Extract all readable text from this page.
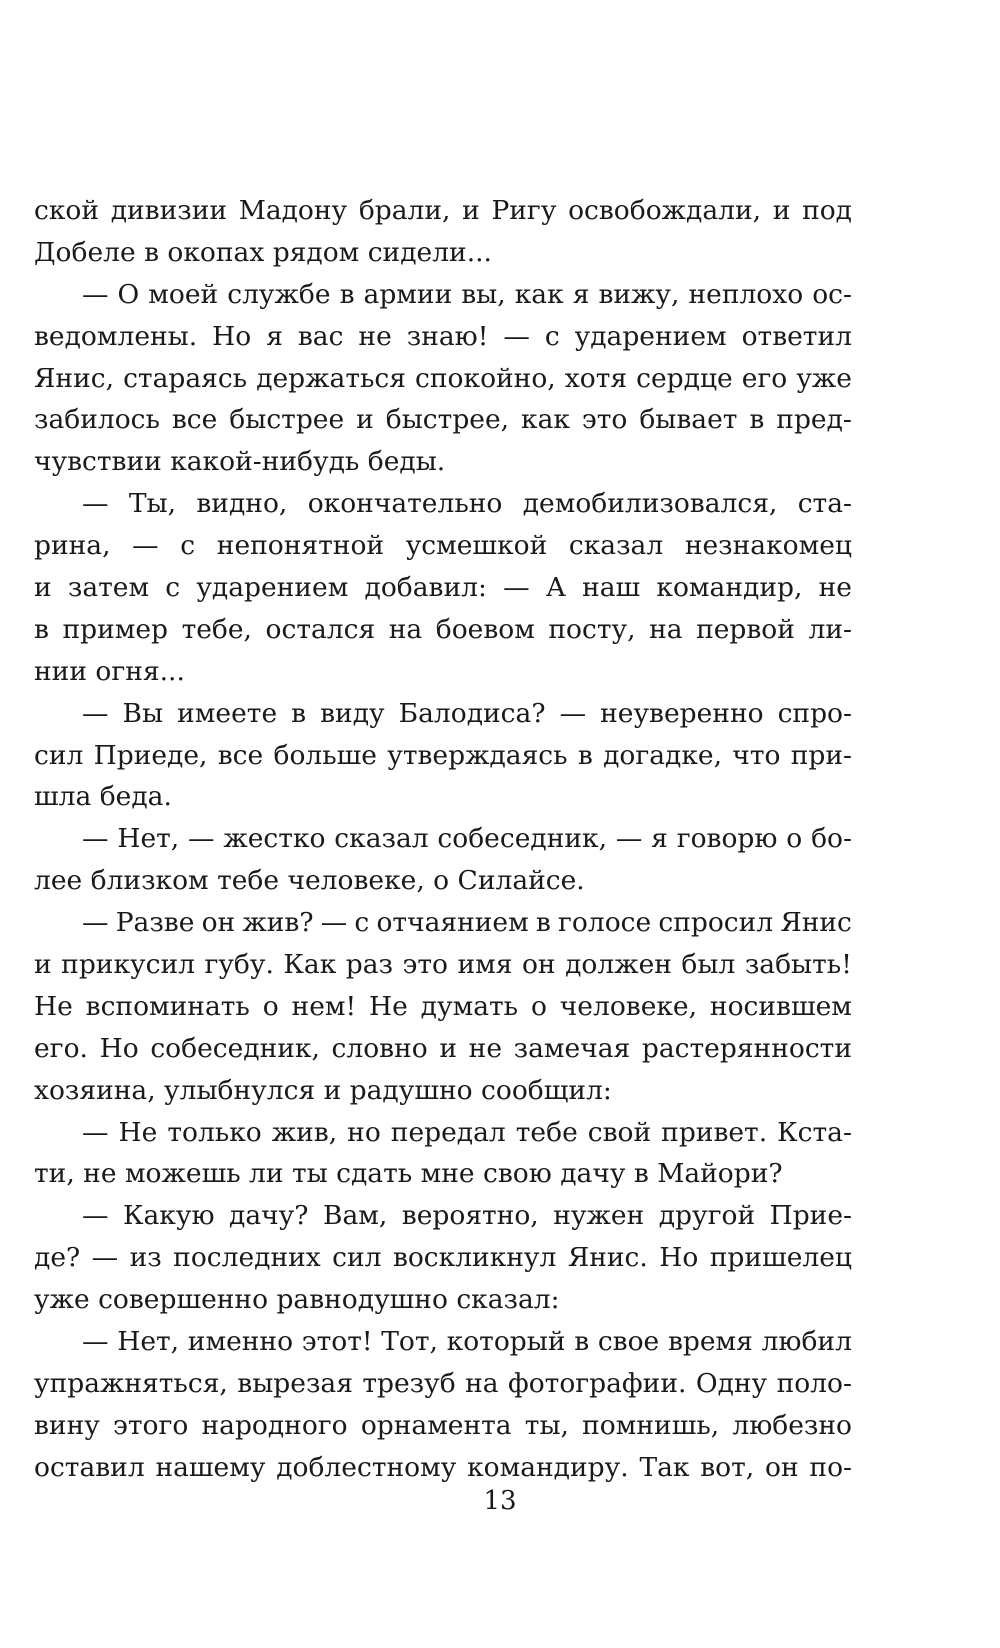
ской дивизии Мадону брали, и Ригу освобождали, и под
Добеле в окопах рядом сидели...
— О моей службе в армии вы, как я вижу, неплохо ос-
ведомлены. Но я вас не знаю! — с ударением ответил
Янис, стараясь держаться спокойно, хотя сердце его уже
забилось все быстрее и быстрее, как это бывает в пред-
чувствии какой-нибудь беды.
— Ты, видно, окончательно демобилизовался, ста-
рина, — с непонятной усмешкой сказал незнакомец
и затем с ударением добавил: — А наш командир, не
в пример тебе, остался на боевом посту, на первой ли-
нии огня...
— Вы имеете в виду Балодиса? — неуверенно спро-
сил Приеде, все больше утверждаясь в догадке, что при-
шла беда.
— Нет, — жестко сказал собеседник, — я говорю о бо-
лее близком тебе человеке, о Силайсе.
— Разве он жив? — с отчаянием в голосе спросил Янис
и прикусил губу. Как раз это имя он должен был забыть!
Не вспоминать о нем! Не думать о человеке, носившем
его. Но собеседник, словно и не замечая растерянности
хозяина, улыбнулся и радушно сообщил:
— Не только жив, но передал тебе свой привет. Кста-
ти, не можешь ли ты сдать мне свою дачу в Майори?
— Какую дачу? Вам, вероятно, нужен другой Прие-
де? — из последних сил воскликнул Янис. Но пришелец
уже совершенно равнодушно сказал:
— Нет, именно этот! Тот, который в свое время любил
упражняться, вырезая трезуб на фотографии. Одну поло-
вину этого народного орнамента ты, помнишь, любезно
оставил нашему доблестному командиру. Так вот, он по-
13
